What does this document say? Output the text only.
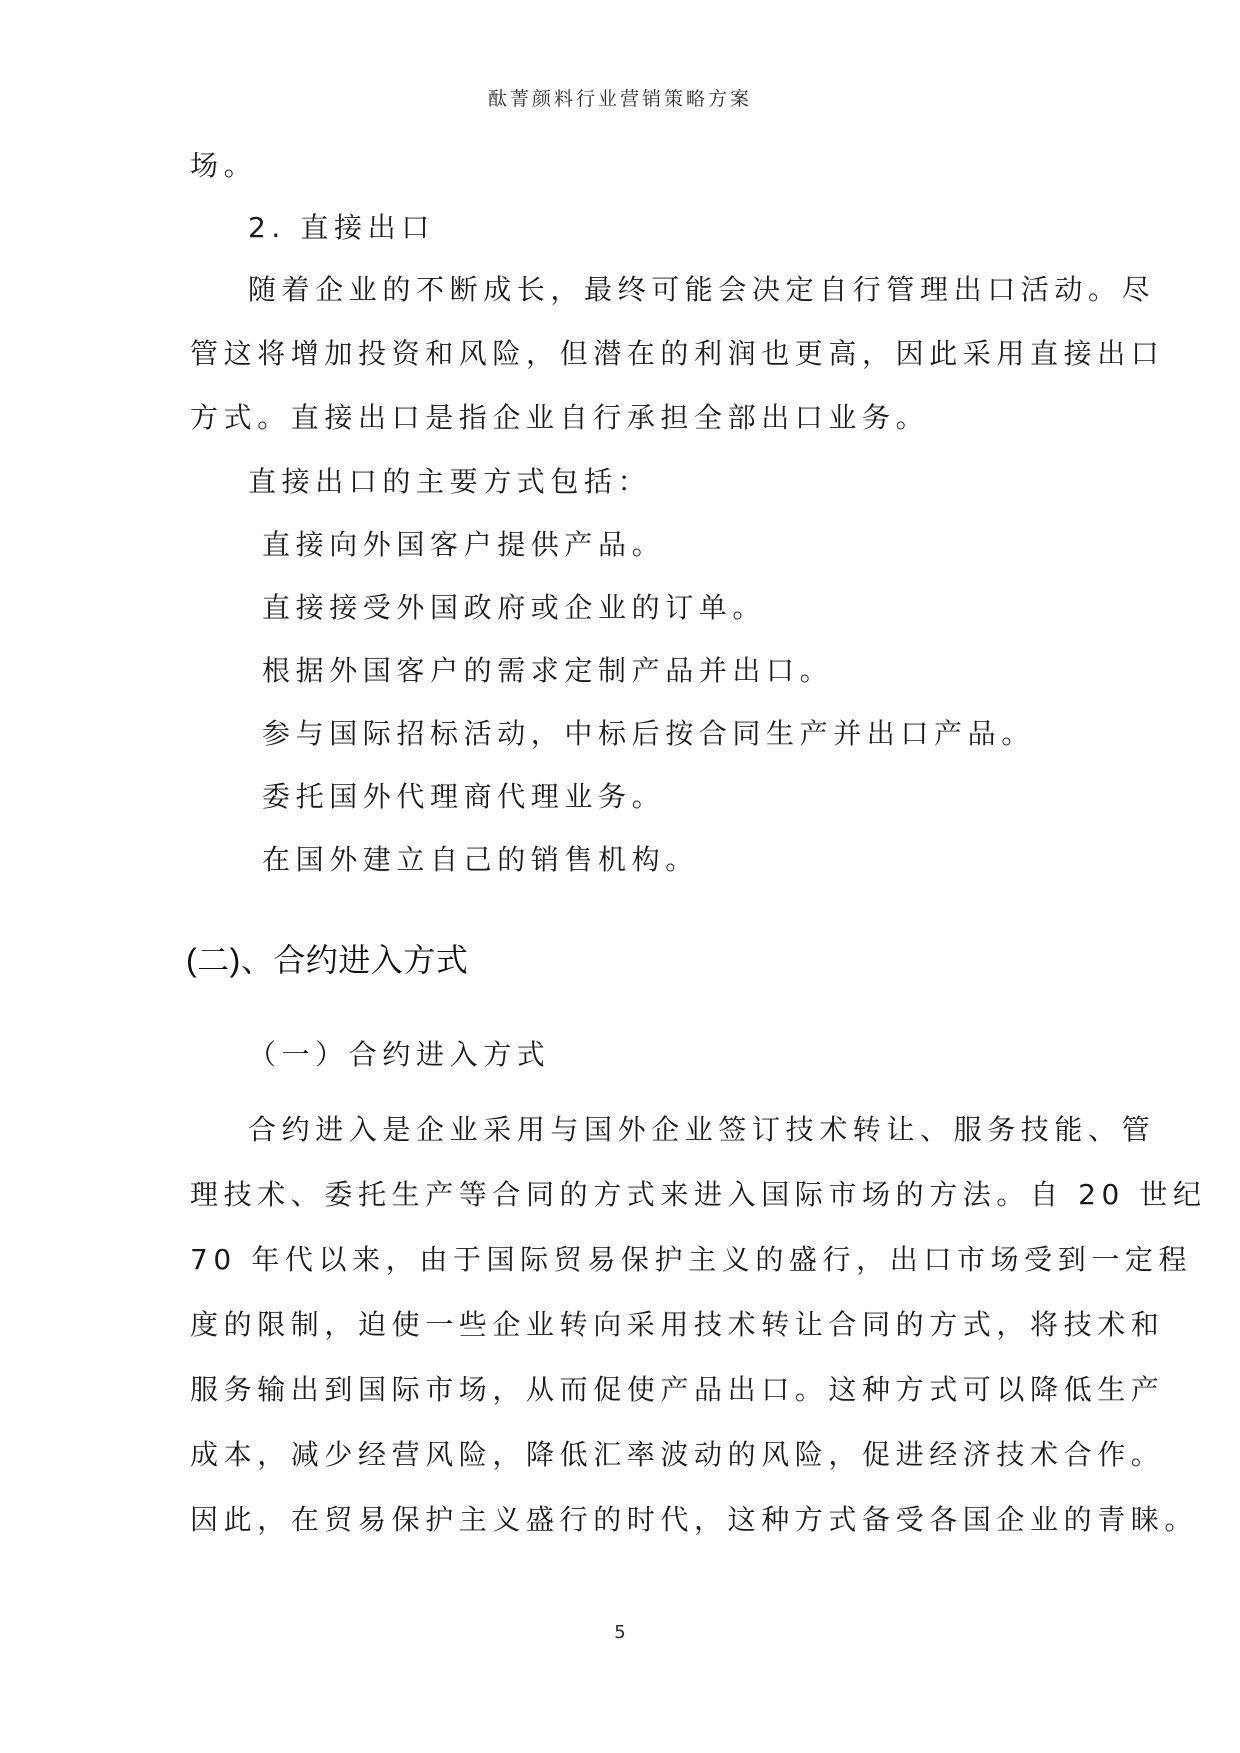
酞菁颜料行业营销策略方案
场。
2. 直接出口
随着企业的不断成长，最终可能会决定自行管理出口活动。尽
管这将增加投资和风险，但潜在的利润也更高，因此采用直接出口
方式。直接出口是指企业自行承担全部出口业务。
直接出口的主要方式包括：
直接向外国客户提供产品。
直接接受外国政府或企业的订单。
根据外国客户的需求定制产品并出口。
参与国际招标活动，中标后按合同生产并出口产品。
委托国外代理商代理业务。
在国外建立自己的销售机构。
(二)、合约进入方式
（一）合约进入方式
合约进入是企业采用与国外企业签订技术转让、服务技能、管
理技术、委托生产等合同的方式来进入国际市场的方法。自 20 世纪
70 年代以来，由于国际贸易保护主义的盛行，出口市场受到一定程
度的限制，迫使一些企业转向采用技术转让合同的方式，将技术和
服务输出到国际市场，从而促使产品出口。这种方式可以降低生产
成本，减少经营风险，降低汇率波动的风险，促进经济技术合作。
因此，在贸易保护主义盛行的时代，这种方式备受各国企业的青睐。
5
